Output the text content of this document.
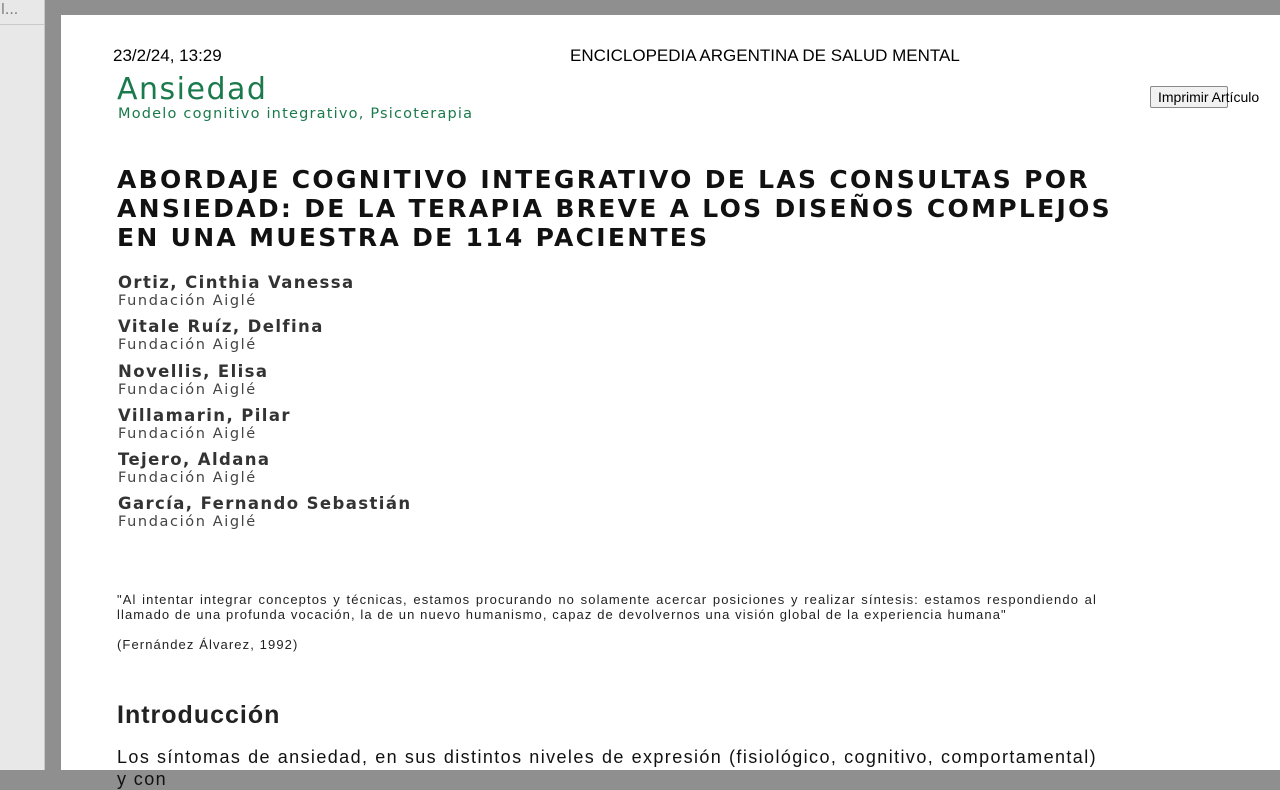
l...
23/2/24, 13:29	ENCICLOPEDIA ARGENTINA DE SALUD MENTAL
Ansiedad
Modelo cognitivo integrativo, Psicoterapia
Imprimir Artículo
ABORDAJE COGNITIVO INTEGRATIVO DE LAS CONSULTAS POR ANSIEDAD: DE LA TERAPIA BREVE A LOS DISEÑOS COMPLEJOS EN UNA MUESTRA DE 114 PACIENTES
Ortiz, Cinthia Vanessa
Fundación Aiglé
Vitale Ruíz, Delfina
Fundación Aiglé
Novellis, Elisa
Fundación Aiglé
Villamarin, Pilar
Fundación Aiglé
Tejero, Aldana
Fundación Aiglé
García, Fernando Sebastián
Fundación Aiglé
"Al intentar integrar conceptos y técnicas, estamos procurando no solamente acercar posiciones y realizar síntesis: estamos respondiendo al llamado de una profunda vocación, la de un nuevo humanismo, capaz de devolvernos una visión global de la experiencia humana"
(Fernández Álvarez, 1992)
Introducción
Los síntomas de ansiedad, en sus distintos niveles de expresión (fisiológico, cognitivo, comportamental) y con
